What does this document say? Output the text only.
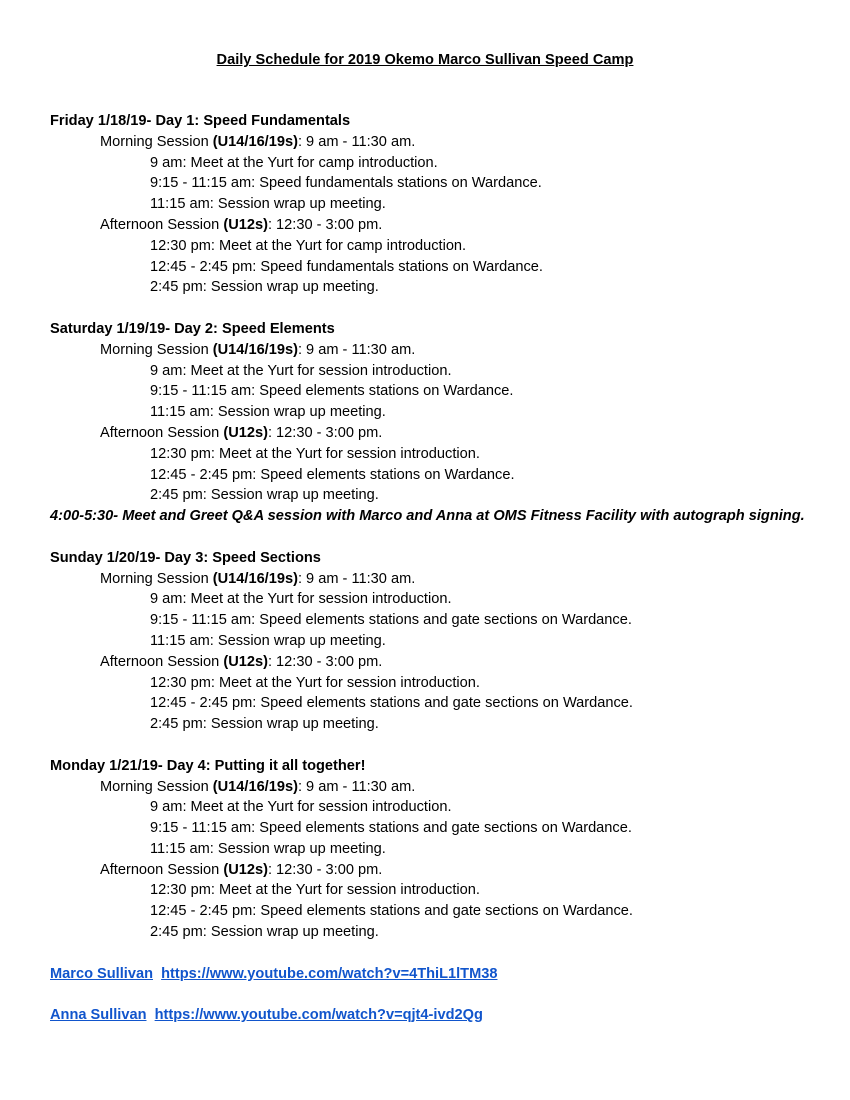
Daily Schedule for 2019 Okemo Marco Sullivan Speed Camp
Friday 1/18/19- Day 1: Speed Fundamentals
Morning Session (U14/16/19s): 9 am - 11:30 am.
9 am: Meet at the Yurt for camp introduction.
9:15 - 11:15 am: Speed fundamentals stations on Wardance.
11:15 am: Session wrap up meeting.
Afternoon Session (U12s): 12:30 - 3:00 pm.
12:30 pm: Meet at the Yurt for camp introduction.
12:45 - 2:45 pm: Speed fundamentals stations on Wardance.
2:45 pm: Session wrap up meeting.
Saturday 1/19/19- Day 2: Speed Elements
Morning Session (U14/16/19s): 9 am - 11:30 am.
9 am: Meet at the Yurt for session introduction.
9:15 - 11:15 am: Speed elements stations on Wardance.
11:15 am: Session wrap up meeting.
Afternoon Session (U12s): 12:30 - 3:00 pm.
12:30 pm: Meet at the Yurt for session introduction.
12:45 - 2:45 pm: Speed elements stations on Wardance.
2:45 pm: Session wrap up meeting.
4:00-5:30- Meet and Greet Q&A session with Marco and Anna at OMS Fitness Facility with autograph signing.
Sunday 1/20/19- Day 3: Speed Sections
Morning Session (U14/16/19s): 9 am - 11:30 am.
9 am: Meet at the Yurt for session introduction.
9:15 - 11:15 am: Speed elements stations and gate sections on Wardance.
11:15 am: Session wrap up meeting.
Afternoon Session (U12s): 12:30 - 3:00 pm.
12:30 pm: Meet at the Yurt for session introduction.
12:45 - 2:45 pm: Speed elements stations and gate sections on Wardance.
2:45 pm: Session wrap up meeting.
Monday 1/21/19- Day 4: Putting it all together!
Morning Session (U14/16/19s): 9 am - 11:30 am.
9 am: Meet at the Yurt for session introduction.
9:15 - 11:15 am: Speed elements stations and gate sections on Wardance.
11:15 am: Session wrap up meeting.
Afternoon Session (U12s): 12:30 - 3:00 pm.
12:30 pm: Meet at the Yurt for session introduction.
12:45 - 2:45 pm: Speed elements stations and gate sections on Wardance.
2:45 pm: Session wrap up meeting.
Marco Sullivan https://www.youtube.com/watch?v=4ThiL1lTM38
Anna Sullivan https://www.youtube.com/watch?v=qjt4-ivd2Qg
